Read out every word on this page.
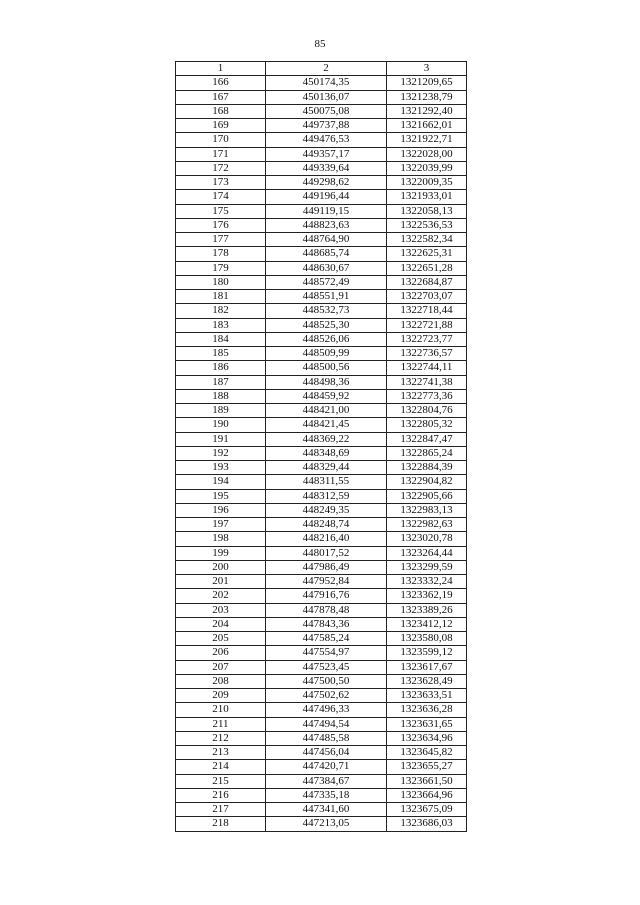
85
1	2	3
166	450174,35	1321209,65
167	450136,07	1321238,79
168	450075,08	1321292,40
169	449737,88	1321662,01
170	449476,53	1321922,71
171	449357,17	1322028,00
172	449339,64	1322039,99
173	449298,62	1322009,35
174	449196,44	1321933,01
175	449119,15	1322058,13
176	448823,63	1322536,53
177	448764,90	1322582,34
178	448685,74	1322625,31
179	448630,67	1322651,28
180	448572,49	1322684,87
181	448551,91	1322703,07
182	448532,73	1322718,44
183	448525,30	1322721,88
184	448526,06	1322723,77
185	448509,99	1322736,57
186	448500,56	1322744,11
187	448498,36	1322741,38
188	448459,92	1322773,36
189	448421,00	1322804,76
190	448421,45	1322805,32
191	448369,22	1322847,47
192	448348,69	1322865,24
193	448329,44	1322884,39
194	448311,55	1322904,82
195	448312,59	1322905,66
196	448249,35	1322983,13
197	448248,74	1322982,63
198	448216,40	1323020,78
199	448017,52	1323264,44
200	447986,49	1323299,59
201	447952,84	1323332,24
202	447916,76	1323362,19
203	447878,48	1323389,26
204	447843,36	1323412,12
205	447585,24	1323580,08
206	447554,97	1323599,12
207	447523,45	1323617,67
208	447500,50	1323628,49
209	447502,62	1323633,51
210	447496,33	1323636,28
211	447494,54	1323631,65
212	447485,58	1323634,96
213	447456,04	1323645,82
214	447420,71	1323655,27
215	447384,67	1323661,50
216	447335,18	1323664,96
217	447341,60	1323675,09
218	447213,05	1323686,03
